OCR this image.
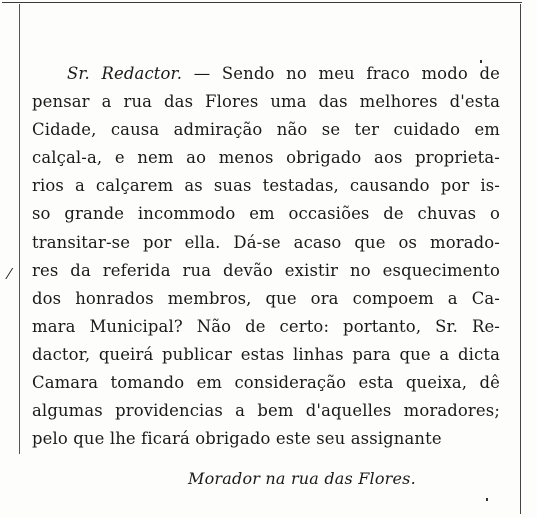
⁄
Sr. Redactor. — Sendo no meu fraco modo de
pensar a rua das Flores uma das melhores d'esta
Cidade, causa admiração não se ter cuidado em
calçal-a, e nem ao menos obrigado aos proprieta-
rios a calçarem as suas testadas, causando por is-
so grande incommodo em occasiões de chuvas o
transitar-se por ella. Dá-se acaso que os morado-
res da referida rua devão existir no esquecimento
dos honrados membros, que ora compoem a Ca-
mara Municipal? Não de certo: portanto, Sr. Re-
dactor, queirá publicar estas linhas para que a dicta
Camara tomando em consideração esta queixa, dê
algumas providencias a bem d'aquelles moradores;
pelo que lhe ficará obrigado este seu assignante
Morador na rua das Flores.
